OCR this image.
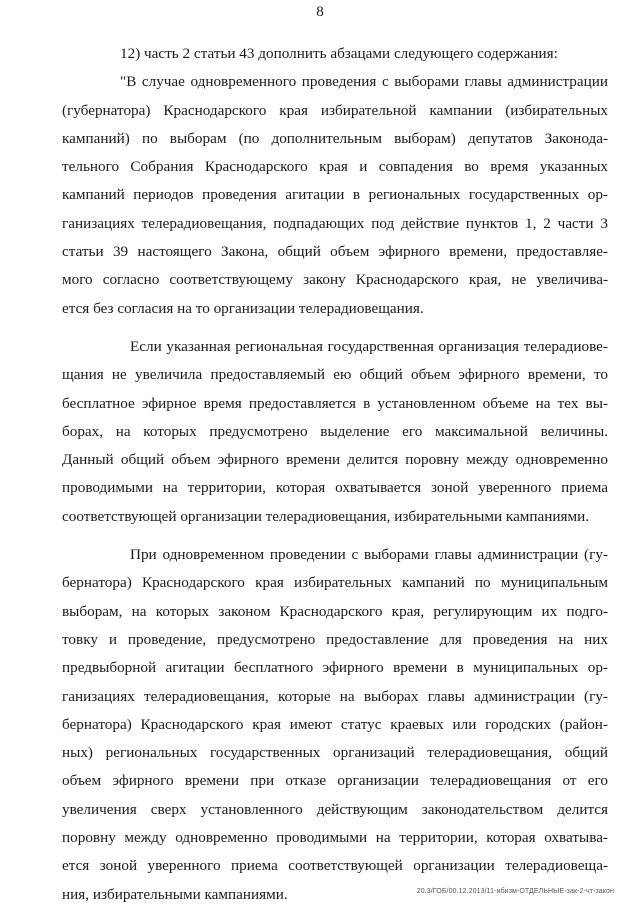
8
12) часть 2 статьи 43 дополнить абзацами следующего содержания:
"В случае одновременного проведения с выборами главы администрации
(губернатора) Краснодарского края избирательной кампании (избирательных
кампаний) по выборам (по дополнительным выборам) депутатов Законода-
тельного Собрания Краснодарского края и совпадения во время указанных
кампаний периодов проведения агитации в региональных государственных ор-
ганизациях телерадиовещания, подпадающих под действие пунктов 1, 2 части 3
статьи 39 настоящего Закона, общий объем эфирного времени, предоставляе-
мого согласно соответствующему закону Краснодарского края, не увеличива-
ется без согласия на то организации телерадиовещания.
Если указанная региональная государственная организация телерадиове-
щания не увеличила предоставляемый ею общий объем эфирного времени, то
бесплатное эфирное время предоставляется в установленном объеме на тех вы-
борах, на которых предусмотрено выделение его максимальной величины.
Данный общий объем эфирного времени делится поровну между одновременно
проводимыми на территории, которая охватывается зоной уверенного приема
соответствующей организации телерадиовещания, избирательными кампаниями.
При одновременном проведении с выборами главы администрации (гу-
бернатора) Краснодарского края избирательных кампаний по муниципальным
выборам, на которых законом Краснодарского края, регулирующим их подго-
товку и проведение, предусмотрено предоставление для проведения на них
предвыборной агитации бесплатного эфирного времени в муниципальных ор-
ганизациях телерадиовещания, которые на выборах главы администрации (гу-
бернатора) Краснодарского края имеют статус краевых или городских (район-
ных) региональных государственных организаций телерадиовещания, общий
объем эфирного времени при отказе организации телерадиовещания от его
увеличения сверх установленного действующим законодательством делится
поровну между одновременно проводимыми на территории, которая охватыва-
ется зоной уверенного приема соответствующей организации телерадиовеща-
ния, избирательными кампаниями.	20.3/ГОБ/00.12.2013/11-ибизм-ОТДЕЛЬНЫЕ-зак-2-чт-закон
